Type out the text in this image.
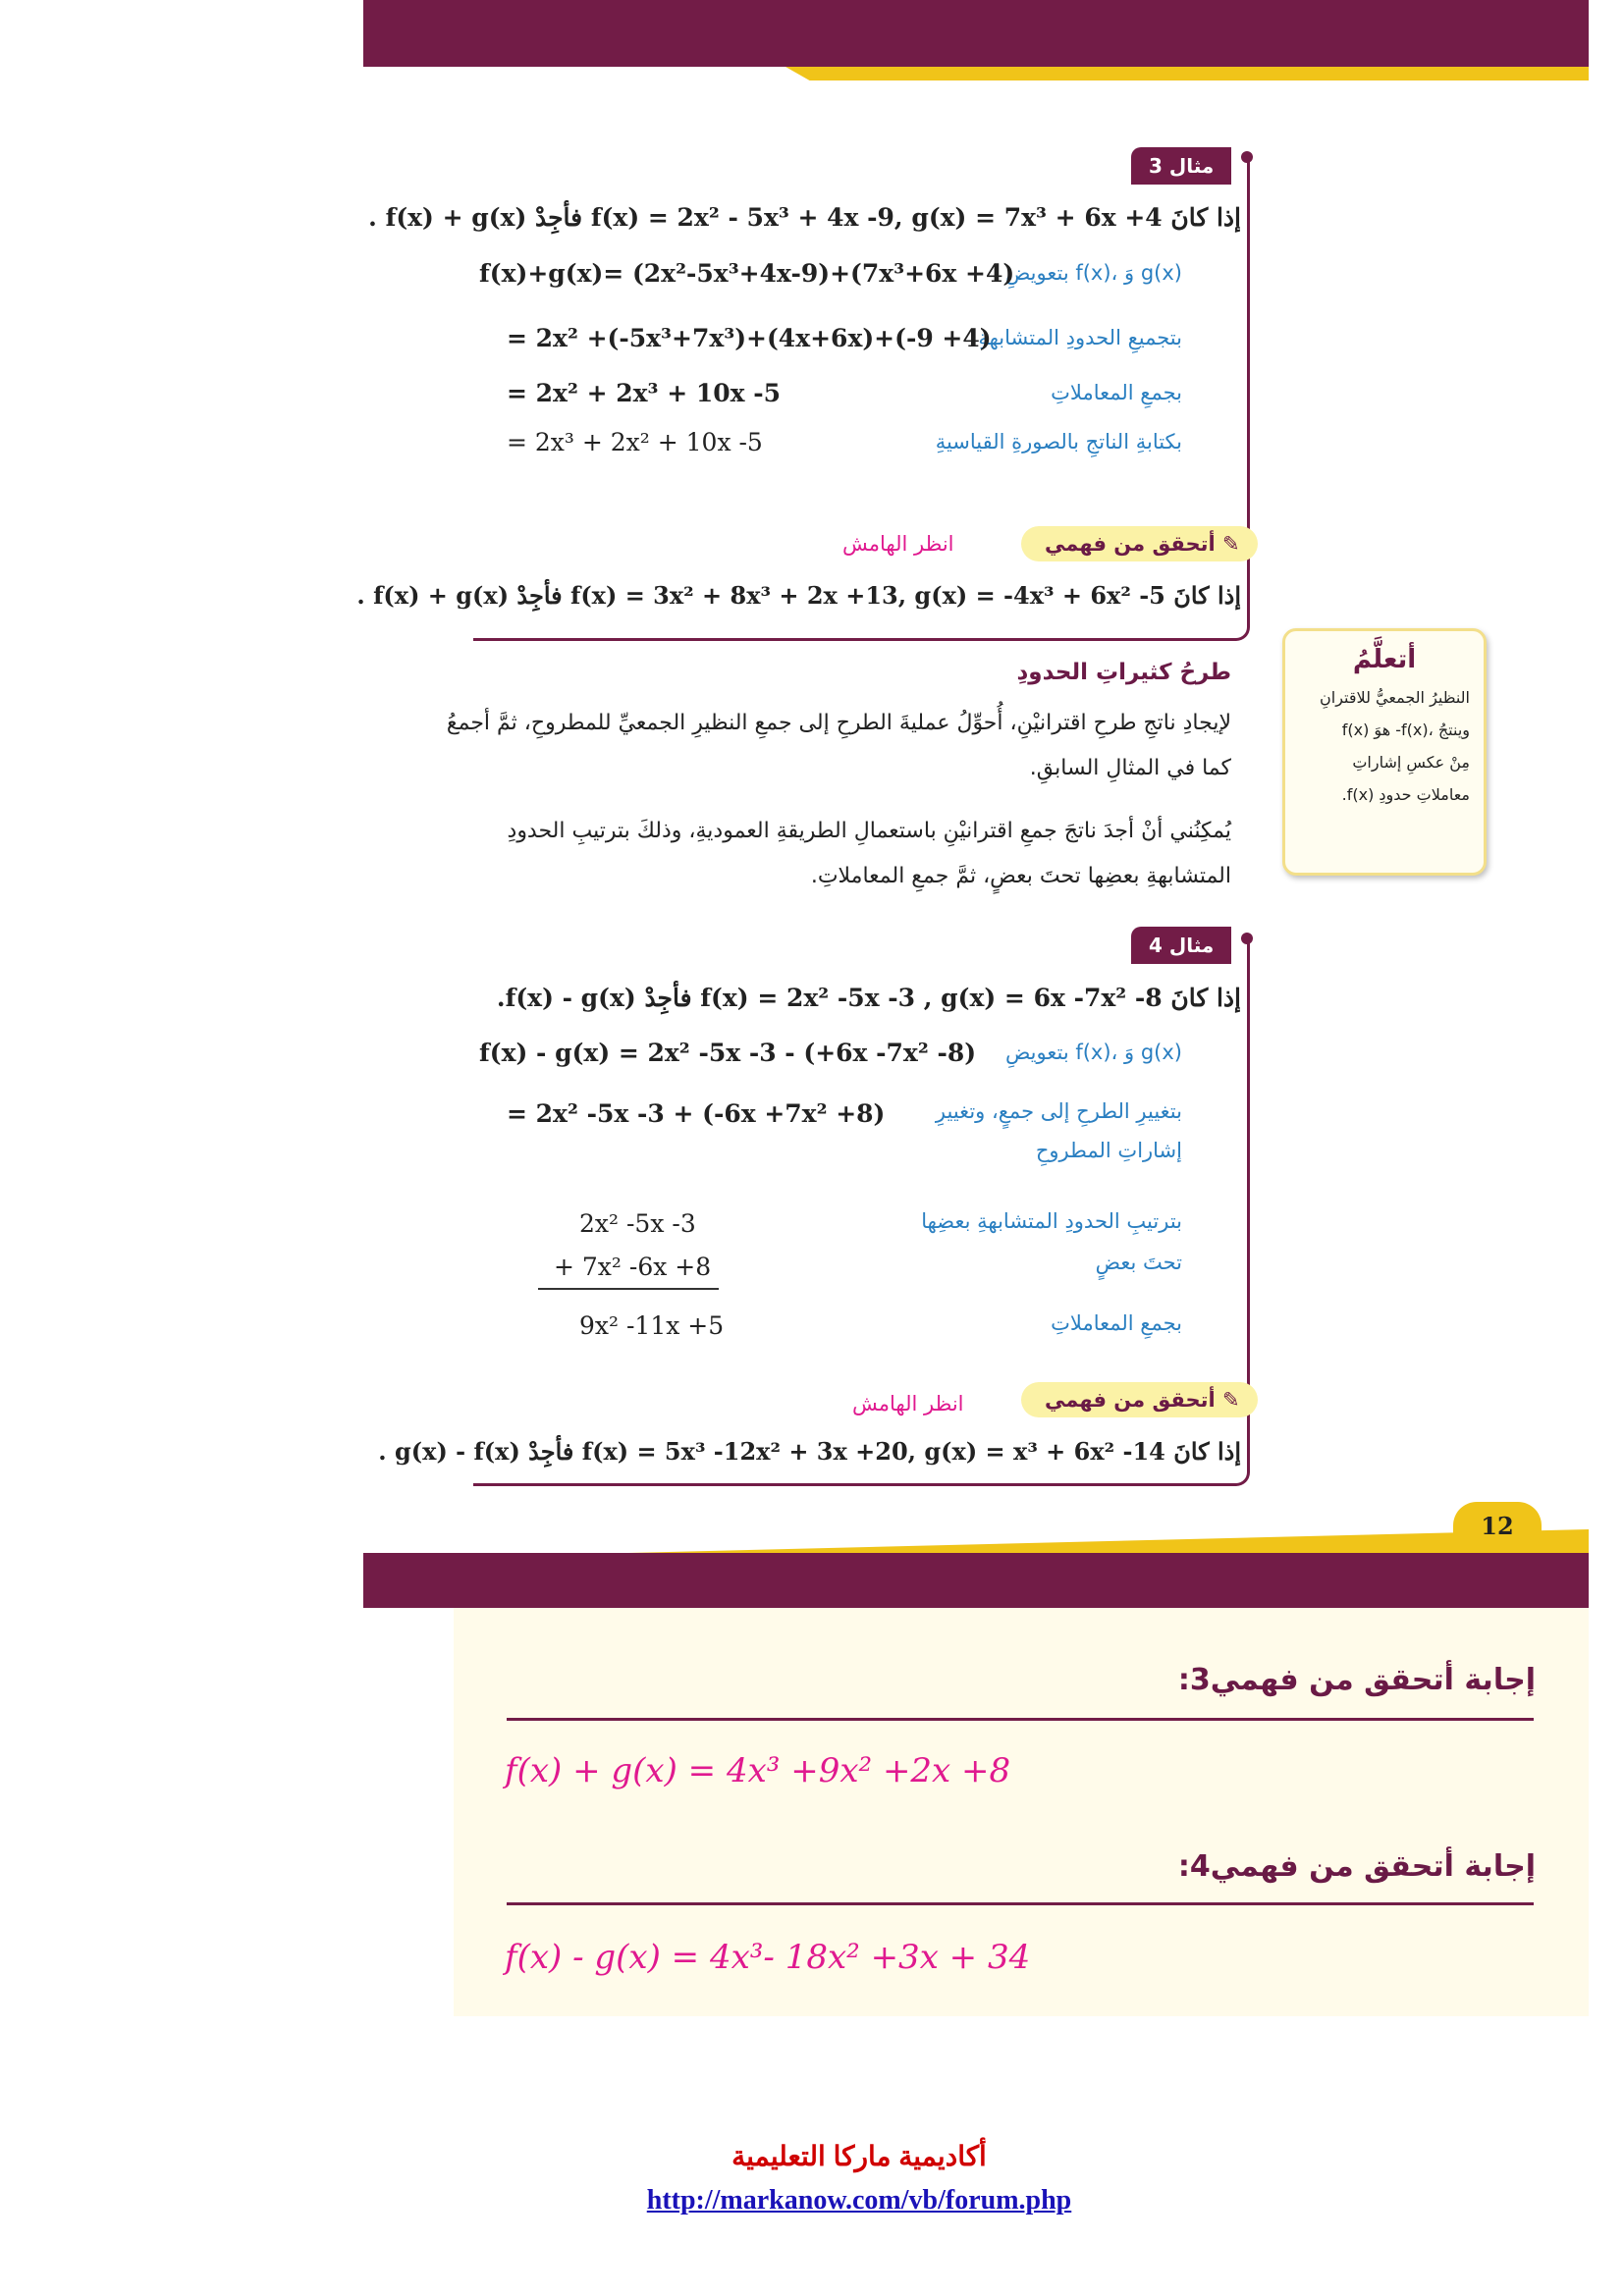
مثال 3
إذا كانَ f(x) = 2x² - 5x³ + 4x -9, g(x) = 7x³ + 6x +4 فأجِدْ f(x) + g(x) .
بتعويضِ f(x)، وَ g(x)
f(x)+g(x)= (2x²-5x³+4x-9)+(7x³+6x +4)
بتجميعِ الحدودِ المتشابهةِ
= 2x² +(-5x³+7x³)+(4x+6x)+(-9 +4)
بجمعِ المعاملاتِ
= 2x² + 2x³ + 10x -5
بكتابةِ الناتجِ بالصورةِ القياسيةِ
= 2x³ + 2x² + 10x -5
✎ أتحقق من فهمي
انظر الهامش
إذا كانَ f(x) = 3x² + 8x³ + 2x +13, g(x) = -4x³ + 6x² -5 فأجِدْ f(x) + g(x) .
طرحُ كثيراتِ الحدودِ
لإيجادِ ناتجِ طرحِ اقترانيْنِ، أُحوِّلُ عمليةَ الطرحِ إلى جمعِ النظيرِ الجمعيِّ للمطروحِ، ثمَّ أجمعُ
كما في المثالِ السابقِ.
يُمكِنُني أنْ أجدَ ناتجَ جمعِ اقترانيْنِ باستعمالِ الطريقةِ العموديةِ، وذلكَ بترتيبِ الحدودِ
المتشابهةِ بعضِها تحتَ بعضٍ، ثمَّ جمعِ المعاملاتِ.
أتعلَّمُ
النظيرُ الجمعيُّ للاقترانِ
f(x) هوَ -f(x)، وينتجُ
مِنْ عكسِ إشاراتِ
معاملاتِ حدودِ f(x).
مثال 4
إذا كانَ f(x) = 2x² -5x -3 , g(x) = 6x -7x² -8 فأجِدْ f(x) - g(x).
بتعويضِ f(x)، وَ g(x)
f(x) - g(x) = 2x² -5x -3 - (+6x -7x² -8)
بتغييرِ الطرحِ إلى جمعٍ، وتغييرِ
إشاراتِ المطروحِ
= 2x² -5x -3 + (-6x +7x² +8)
بترتيبِ الحدودِ المتشابهةِ بعضِها
تحتَ بعضٍ
2x² -5x -3
+ 7x² -6x +8
بجمعِ المعاملاتِ
9x² -11x +5
✎ أتحقق من فهمي
انظر الهامش
إذا كانَ f(x) = 5x³ -12x² + 3x +20, g(x) = x³ + 6x² -14 فأجِدْ g(x) - f(x) .
12
إجابة أتحقق من فهمي3:
f(x) + g(x) = 4x³ +9x² +2x +8
إجابة أتحقق من فهمي4:
f(x) - g(x) = 4x³- 18x² +3x + 34
أكاديمية ماركا التعليمية
http://markanow.com/vb/forum.php
